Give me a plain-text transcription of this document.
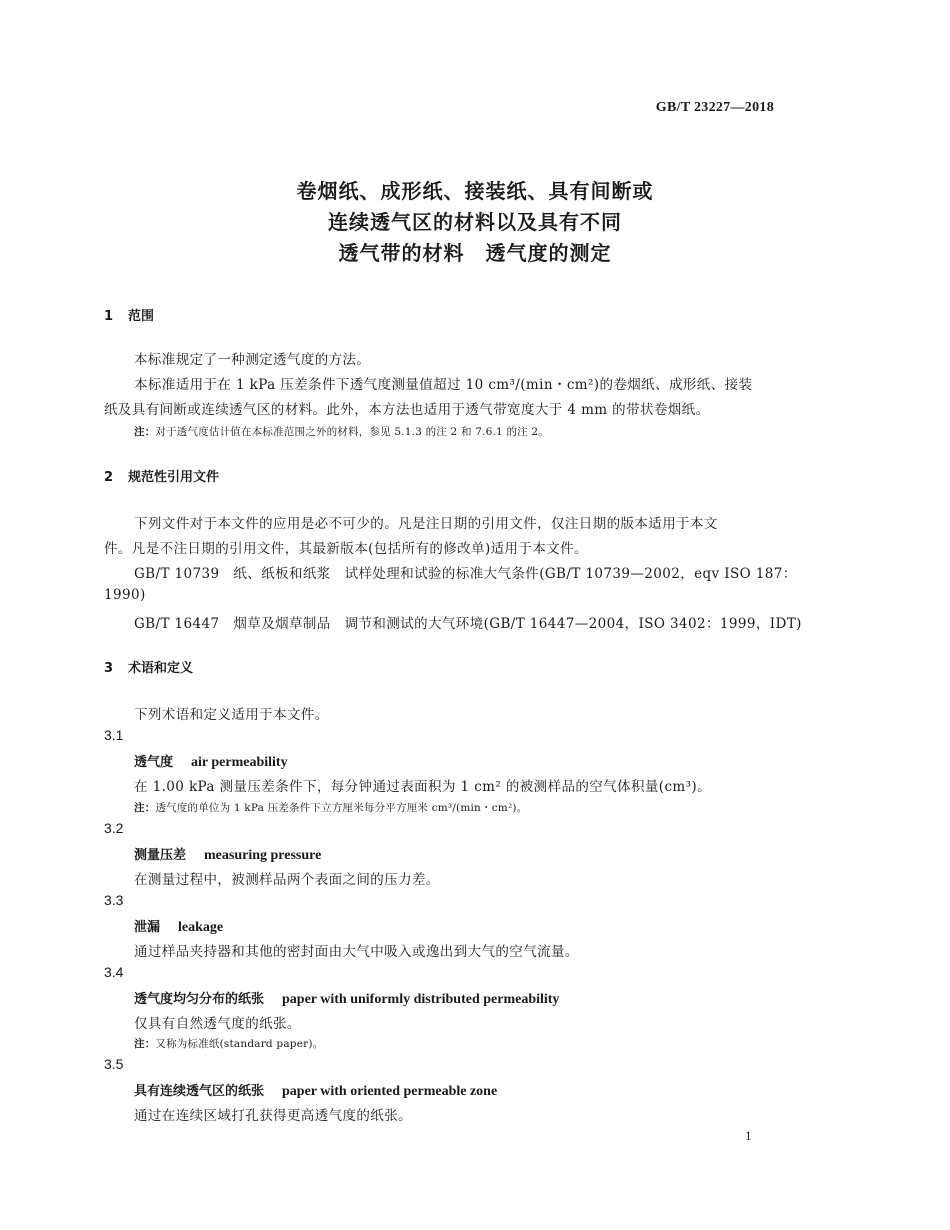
GB/T 23227—2018
卷烟纸、成形纸、接装纸、具有间断或
连续透气区的材料以及具有不同
透气带的材料　透气度的测定
1 范围
本标准规定了一种测定透气度的方法。
本标准适用于在 1 kPa 压差条件下透气度测量值超过 10 cm³/(min・cm²)的卷烟纸、成形纸、接装
纸及具有间断或连续透气区的材料。此外，本方法也适用于透气带宽度大于 4 mm 的带状卷烟纸。
注：对于透气度估计值在本标准范围之外的材料，参见 5.1.3 的注 2 和 7.6.1 的注 2。
2 规范性引用文件
下列文件对于本文件的应用是必不可少的。凡是注日期的引用文件，仅注日期的版本适用于本文
件。凡是不注日期的引用文件，其最新版本(包括所有的修改单)适用于本文件。
GB/T 10739　纸、纸板和纸浆　试样处理和试验的标准大气条件(GB/T 10739—2002，eqv ISO 187：
1990)
GB/T 16447　烟草及烟草制品　调节和测试的大气环境(GB/T 16447—2004，ISO 3402：1999，IDT)
3 术语和定义
下列术语和定义适用于本文件。
3.1
透气度 air permeability
在 1.00 kPa 测量压差条件下，每分钟通过表面积为 1 cm² 的被测样品的空气体积量(cm³)。
注：透气度的单位为 1 kPa 压差条件下立方厘米每分平方厘米 cm³/(min・cm²)。
3.2
测量压差 measuring pressure
在测量过程中，被测样品两个表面之间的压力差。
3.3
泄漏 leakage
通过样品夹持器和其他的密封面由大气中吸入或逸出到大气的空气流量。
3.4
透气度均匀分布的纸张 paper with uniformly distributed permeability
仅具有自然透气度的纸张。
注：又称为标准纸(standard paper)。
3.5
具有连续透气区的纸张 paper with oriented permeable zone
通过在连续区域打孔获得更高透气度的纸张。
1
